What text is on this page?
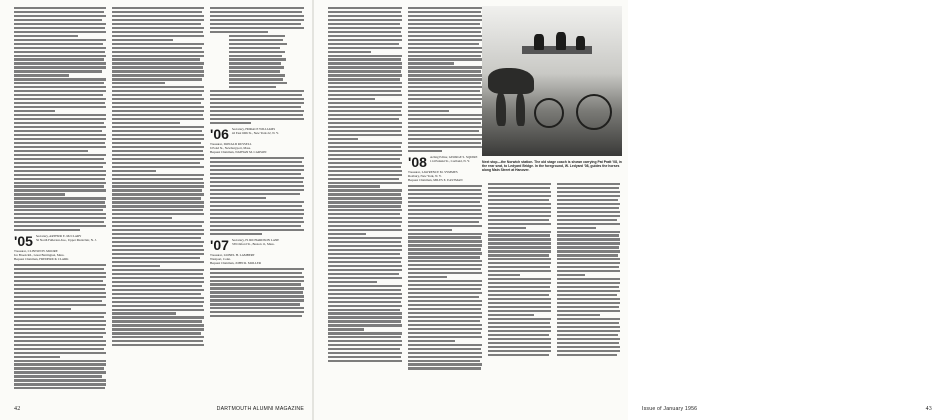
'05 Secretary, ARTHUR E. McCLARY
56 North Fullerton Ave., Upper Montclair, N. J.
Treasurer, CLINTON H. MOORE
Ice Brook Rd., Great Barrington, Mass.
Bequest Chairman, FREDERICK CLARK
'06 Secretary, HORACE WILLIAMS
42 East 60th St., New York 22, N. Y.
Treasurer, DONALD RUSSELL
6 Pond St., Newburyport, Mass.
Bequest Chairman, NATHAN M. CARSON
'07 Secretary, H. RICHARDSON LANE
339 Oxford St., Boston 11, Mass.
Treasurer, LIONEL H. LAMBERT
Westport, Conn.
Bequest Chairman, JOHN R. MOLLER
42	DARTMOUTH ALUMNI MAGAZINE
'08 Acting Editor, GEORGE S. SQUIRE
114 Pulaski St., Cortland, N. Y.
Treasurer, LAWRENCE M. SYMMES
Roxbury, New York, N. Y.
Bequest Chairman, MILES E. EASTMAN
Issue of January 1956	43
Next stop—the Norwich station. The old stage coach is shown carrying Pat Pratt '08, in the rear seat, to Ledyard Bridge. In the foreground, W. Ledyard '08, guides the horses along Main Street at Hanover.
